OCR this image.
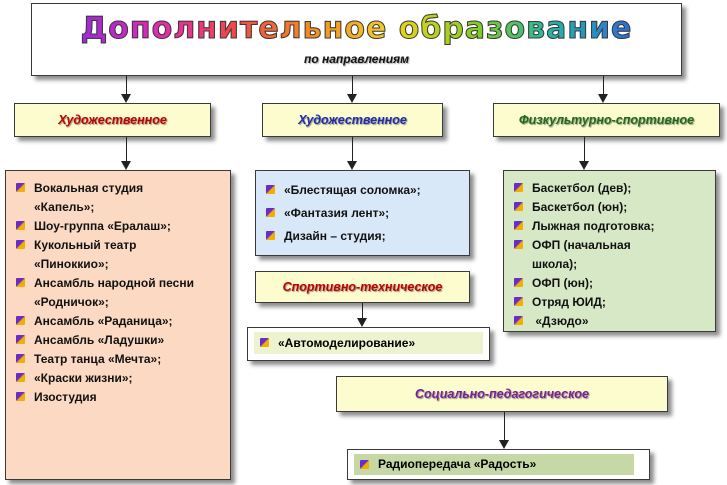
Дополнительное образование
по направлениям
Художественное	Художественное	Физкультурно-спортивное
Вокальная студия «Капель»;
Шоу-группа «Ералаш»;
Кукольный театр «Пиноккио»;
Ансамбль народной песни «Родничок»;
Ансамбль «Раданица»;
Ансамбль «Ладушки»
Театр танца «Мечта»;
«Краски жизни»;
Изостудия
«Блестящая соломка»;
«Фантазия лент»;
Дизайн – студия;
Баскетбол (дев);
Баскетбол (юн);
Лыжная подготовка;
ОФП (начальная школа);
ОФП (юн);
Отряд ЮИД;
«Дзюдо»
Спортивно-техническое
«Автомоделирование»
Социально-педагогическое
Радиопередача «Радость»
